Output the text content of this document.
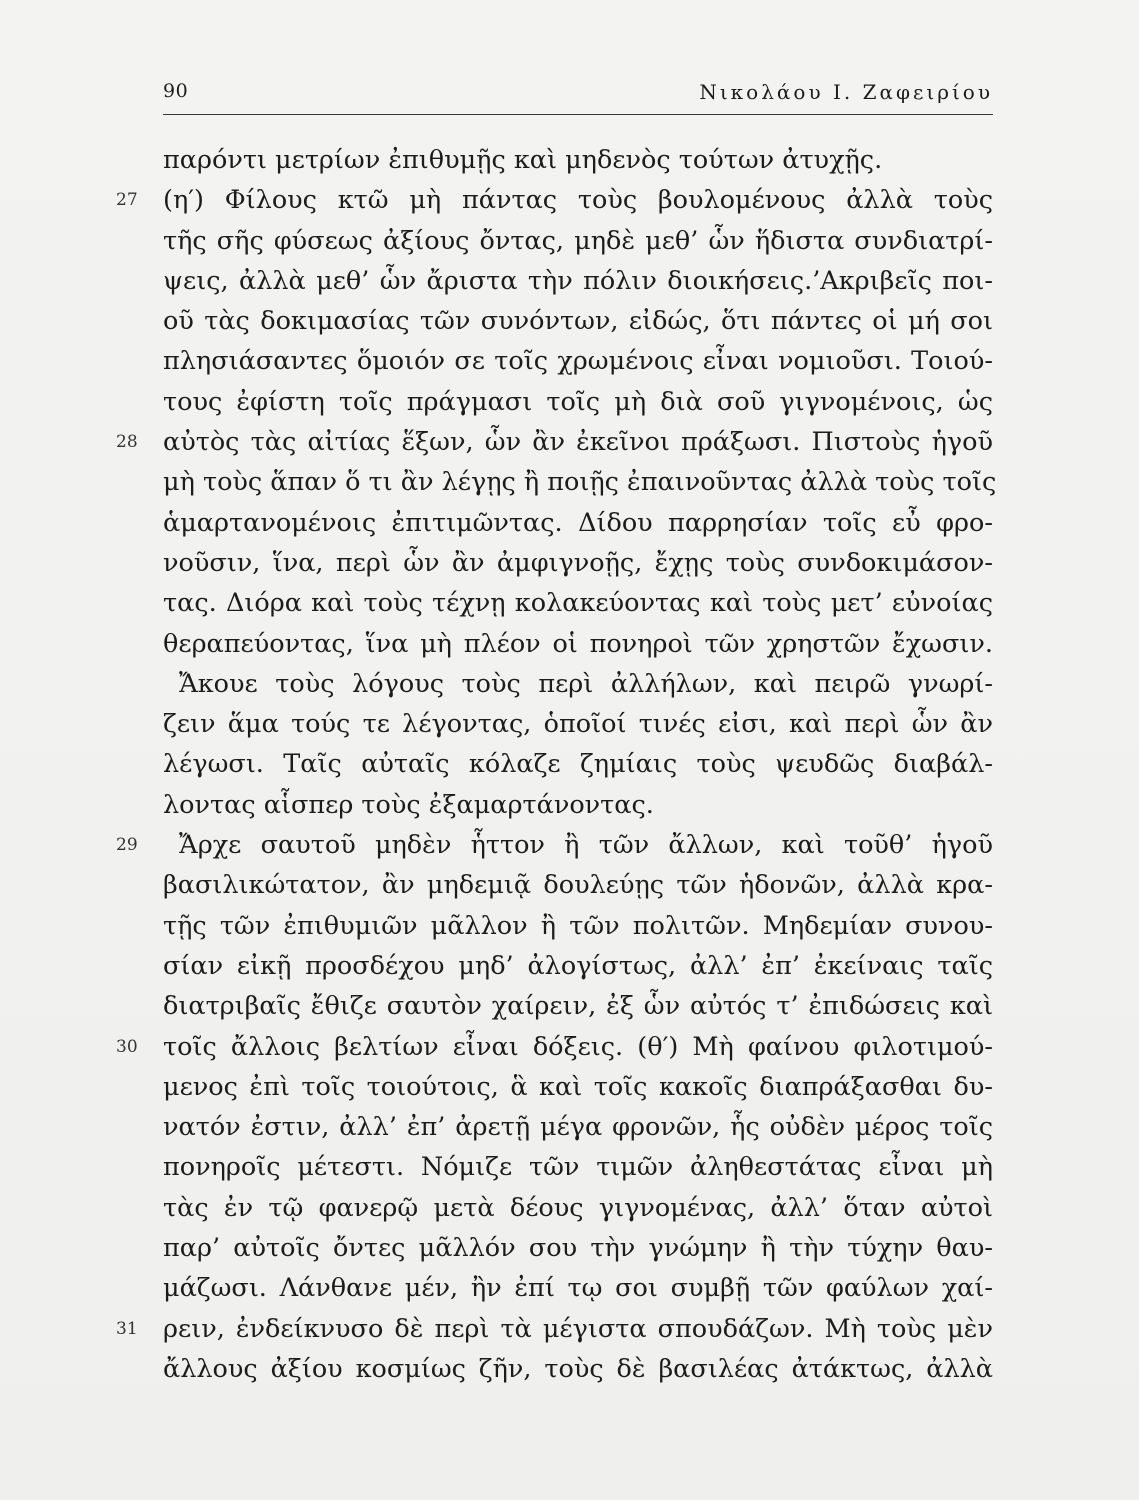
90	Νικολάου Ι. Ζαφειρίου
παρόντι μετρίων ἐπιθυμῇς καὶ μηδενὸς τούτων ἀτυχῇς.
27 (η′) Φίλους κτῶ μὴ πάντας τοὺς βουλομένους ἀλλὰ τοὺς
τῆς σῆς φύσεως ἀξίους ὄντας, μηδὲ μεθ’ ὧν ἥδιστα συνδιατρί-
ψεις, ἀλλὰ μεθ’ ὧν ἄριστα τὴν πόλιν διοικήσεις.’Ακριβεῖς ποι-
οῦ τὰς δοκιμασίας τῶν συνόντων, εἰδώς, ὅτι πάντες οἱ μή σοι
πλησιάσαντες ὅμοιόν σε τοῖς χρωμένοις εἶναι νομιοῦσι. Τοιού-
τους ἐφίστη τοῖς πράγμασι τοῖς μὴ διὰ σοῦ γιγνομένοις, ὡς
28 αὐτὸς τὰς αἰτίας ἕξων, ὧν ἂν ἐκεῖνοι πράξωσι. Πιστοὺς ἡγοῦ
μὴ τοὺς ἅπαν ὅ τι ἂν λέγῃς ἢ ποιῇς ἐπαινοῦντας ἀλλὰ τοὺς τοῖς
ἁμαρτανομένοις ἐπιτιμῶντας. Δίδου παρρησίαν τοῖς εὖ φρο-
νοῦσιν, ἵνα, περὶ ὧν ἂν ἀμφιγνοῇς, ἔχῃς τοὺς συνδοκιμάσον-
τας. Διόρα καὶ τοὺς τέχνῃ κολακεύοντας καὶ τοὺς μετ’ εὐνοίας
θεραπεύοντας, ἵνα μὴ πλέον οἱ πονηροὶ τῶν χρηστῶν ἔχωσιν.
Ἄκουε τοὺς λόγους τοὺς περὶ ἀλλήλων, καὶ πειρῶ γνωρί-
ζειν ἅμα τούς τε λέγοντας, ὁποῖοί τινές εἰσι, καὶ περὶ ὧν ἂν
λέγωσι. Ταῖς αὐταῖς κόλαζε ζημίαις τοὺς ψευδῶς διαβάλ-
λοντας αἷσπερ τοὺς ἐξαμαρτάνοντας.
29 Ἄρχε σαυτοῦ μηδὲν ἧττον ἢ τῶν ἄλλων, καὶ τοῦθ’ ἡγοῦ
βασιλικώτατον, ἂν μηδεμιᾷ δουλεύῃς τῶν ἡδονῶν, ἀλλὰ κρα-
τῇς τῶν ἐπιθυμιῶν μᾶλλον ἢ τῶν πολιτῶν. Μηδεμίαν συνου-
σίαν εἰκῇ προσδέχου μηδ’ ἀλογίστως, ἀλλ’ ἐπ’ ἐκείναις ταῖς
διατριβαῖς ἔθιζε σαυτὸν χαίρειν, ἐξ ὧν αὐτός τ’ ἐπιδώσεις καὶ
30 τοῖς ἄλλοις βελτίων εἶναι δόξεις. (θ′) Μὴ φαίνου φιλοτιμού-
μενος ἐπὶ τοῖς τοιούτοις, ἃ καὶ τοῖς κακοῖς διαπράξασθαι δυ-
νατόν ἐστιν, ἀλλ’ ἐπ’ ἀρετῇ μέγα φρονῶν, ἧς οὐδὲν μέρος τοῖς
πονηροῖς μέτεστι. Νόμιζε τῶν τιμῶν ἀληθεστάτας εἶναι μὴ
τὰς ἐν τῷ φανερῷ μετὰ δέους γιγνομένας, ἀλλ’ ὅταν αὐτοὶ
παρ’ αὐτοῖς ὄντες μᾶλλόν σου τὴν γνώμην ἢ τὴν τύχην θαυ-
μάζωσι. Λάνθανε μέν, ἢν ἐπί τῳ σοι συμβῇ τῶν φαύλων χαί-
31 ρειν, ἐνδείκνυσο δὲ περὶ τὰ μέγιστα σπουδάζων. Μὴ τοὺς μὲν
ἄλλους ἀξίου κοσμίως ζῆν, τοὺς δὲ βασιλέας ἀτάκτως, ἀλλὰ
